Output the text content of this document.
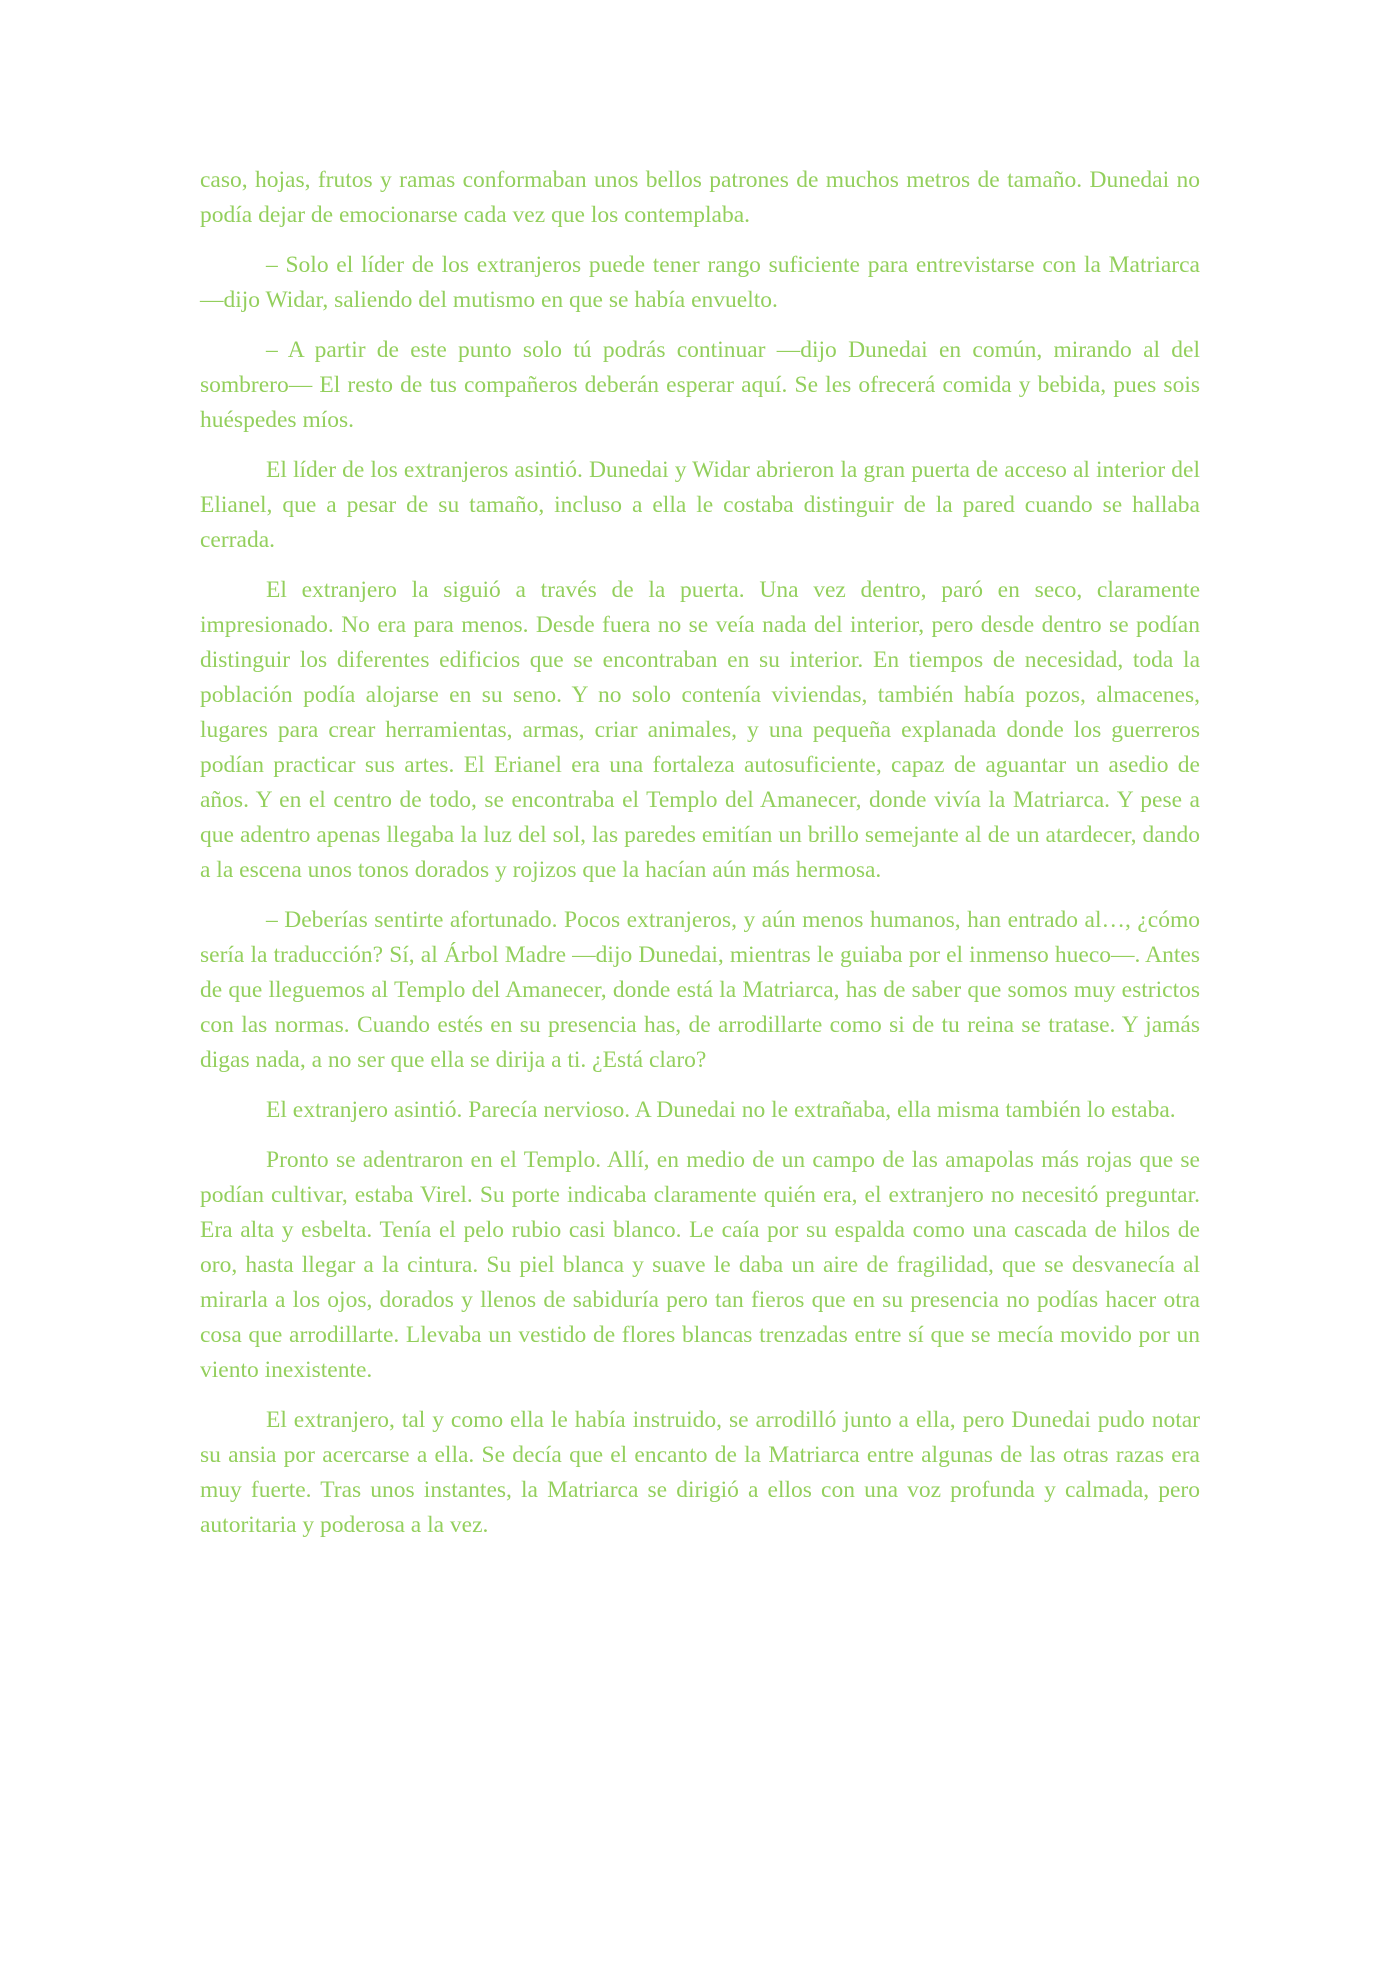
caso, hojas, frutos y ramas conformaban unos bellos patrones de muchos metros de tamaño. Dunedai no podía dejar de emocionarse cada vez que los contemplaba.

– Solo el líder de los extranjeros puede tener rango suficiente para entrevistarse con la Matriarca —dijo Widar, saliendo del mutismo en que se había envuelto.

– A partir de este punto solo tú podrás continuar —dijo Dunedai en común, mirando al del sombrero— El resto de tus compañeros deberán esperar aquí. Se les ofrecerá comida y bebida, pues sois huéspedes míos.

El líder de los extranjeros asintió. Dunedai y Widar abrieron la gran puerta de acceso al interior del Elianel, que a pesar de su tamaño, incluso a ella le costaba distinguir de la pared cuando se hallaba cerrada.

El extranjero la siguió a través de la puerta. Una vez dentro, paró en seco, claramente impresionado. No era para menos. Desde fuera no se veía nada del interior, pero desde dentro se podían distinguir los diferentes edificios que se encontraban en su interior. En tiempos de necesidad, toda la población podía alojarse en su seno. Y no solo contenía viviendas, también había pozos, almacenes, lugares para crear herramientas, armas, criar animales, y una pequeña explanada donde los guerreros podían practicar sus artes. El Erianel era una fortaleza autosuficiente, capaz de aguantar un asedio de años. Y en el centro de todo, se encontraba el Templo del Amanecer, donde vivía la Matriarca. Y pese a que adentro apenas llegaba la luz del sol, las paredes emitían un brillo semejante al de un atardecer, dando a la escena unos tonos dorados y rojizos que la hacían aún más hermosa.

– Deberías sentirte afortunado. Pocos extranjeros, y aún menos humanos, han entrado al…, ¿cómo sería la traducción? Sí, al Árbol Madre —dijo Dunedai, mientras le guiaba por el inmenso hueco—. Antes de que lleguemos al Templo del Amanecer, donde está la Matriarca, has de saber que somos muy estrictos con las normas. Cuando estés en su presencia has, de arrodillarte como si de tu reina se tratase. Y jamás digas nada, a no ser que ella se dirija a ti. ¿Está claro?

El extranjero asintió. Parecía nervioso. A Dunedai no le extrañaba, ella misma también lo estaba.

Pronto se adentraron en el Templo. Allí, en medio de un campo de las amapolas más rojas que se podían cultivar, estaba Virel. Su porte indicaba claramente quién era, el extranjero no necesitó preguntar. Era alta y esbelta. Tenía el pelo rubio casi blanco. Le caía por su espalda como una cascada de hilos de oro, hasta llegar a la cintura. Su piel blanca y suave le daba un aire de fragilidad, que se desvanecía al mirarla a los ojos, dorados y llenos de sabiduría pero tan fieros que en su presencia no podías hacer otra cosa que arrodillarte. Llevaba un vestido de flores blancas trenzadas entre sí que se mecía movido por un viento inexistente.

El extranjero, tal y como ella le había instruido, se arrodilló junto a ella, pero Dunedai pudo notar su ansia por acercarse a ella. Se decía que el encanto de la Matriarca entre algunas de las otras razas era muy fuerte. Tras unos instantes, la Matriarca se dirigió a ellos con una voz profunda y calmada, pero autoritaria y poderosa a la vez.
